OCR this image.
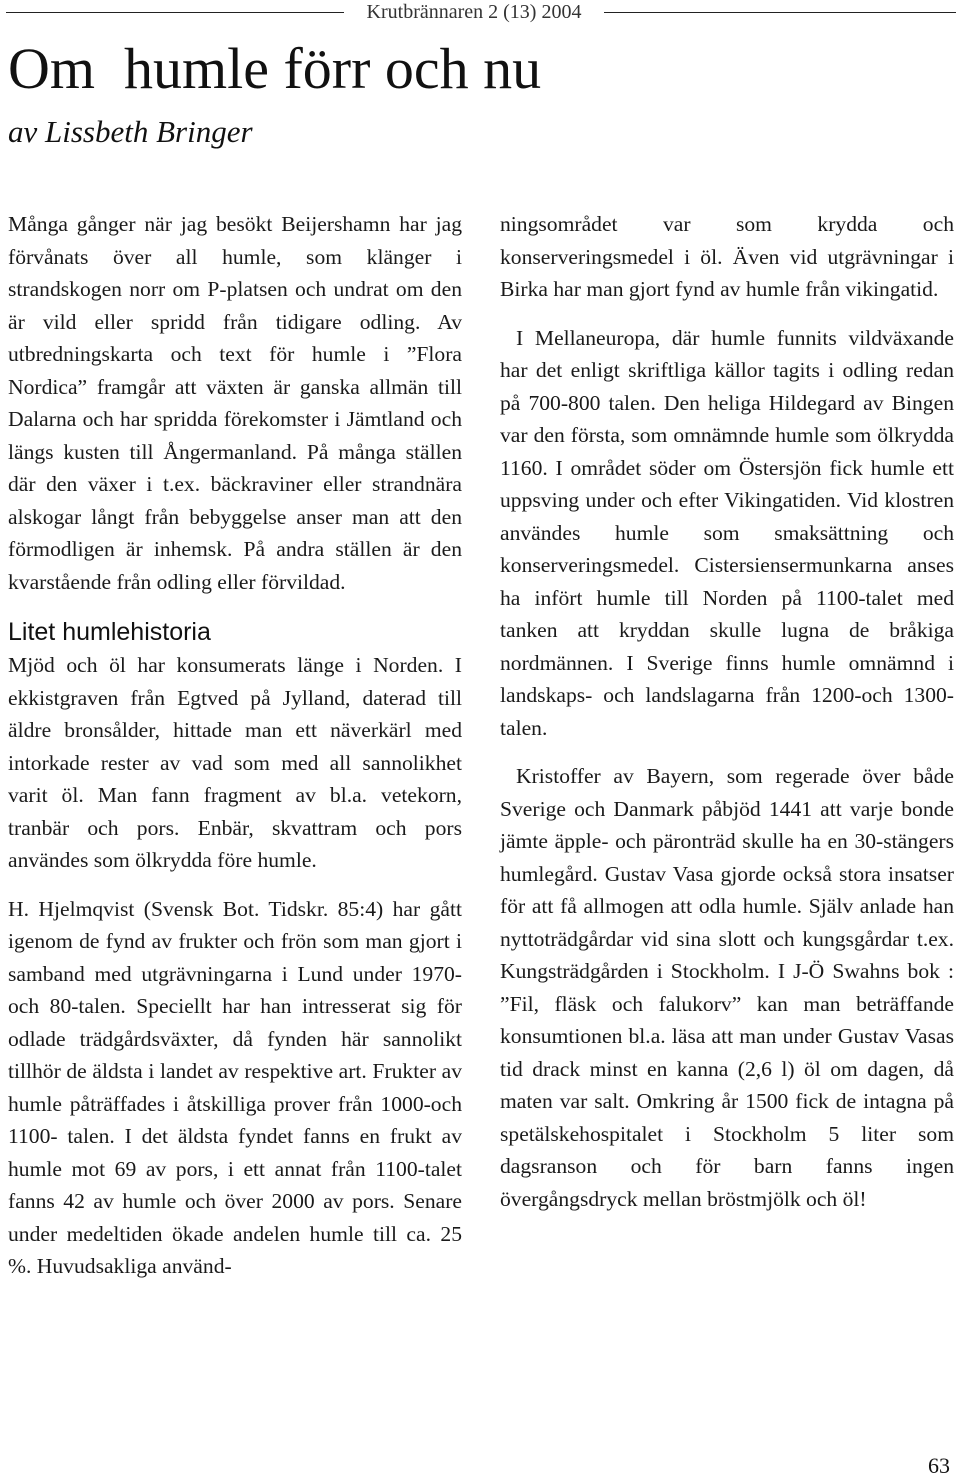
Krutbrännaren 2 (13) 2004
Om  humle förr och nu
av Lissbeth Bringer

Många gånger när jag besökt Beijershamn har jag förvånats över all humle, som klänger i strandskogen norr om P-platsen och undrat om den är vild eller spridd från tidigare odling. Av utbredningskarta och text för humle i ”Flora Nordica” framgår att växten är ganska allmän till Dalarna och har spridda förekomster i Jämtland och längs kusten till Ångermanland. På många ställen där den växer i t.ex. bäckraviner eller strandnära alskogar långt från bebyggelse anser man att den förmodligen är inhemsk. På andra ställen är den kvarstående från odling eller förvildad.

Litet humlehistoria

Mjöd och öl har konsumerats länge i Norden. I ekkistgraven från Egtved på Jylland, daterad till äldre bronsålder, hittade man ett näverkärl med intorkade rester av vad som med all sannolikhet varit öl. Man fann fragment av bl.a. vetekorn, tranbär och pors. Enbär, skvattram och pors användes som ölkrydda före humle.

H. Hjelmqvist (Svensk Bot. Tidskr. 85:4) har gått igenom de fynd av frukter och frön som man gjort i samband med utgrävningarna i Lund under 1970- och 80-talen. Speciellt har han intresserat sig för odlade trädgårdsväxter, då fynden här sannolikt tillhör de äldsta i landet av respektive art. Frukter av humle påträffades i åtskilliga prover från 1000-och 1100- talen. I det äldsta fyndet fanns en frukt av humle mot 69 av pors, i ett annat från 1100-talet fanns 42 av humle och över 2000 av pors. Senare under medeltiden ökade andelen humle till ca. 25 %. Huvudsakliga använd-

ningsområdet var som krydda och konserveringsmedel i öl. Även vid utgrävningar i Birka har man gjort fynd av humle från vikingatid.

I Mellaneuropa, där humle funnits vildväxande har det enligt skriftliga källor tagits i odling redan på 700-800 talen. Den heliga Hildegard av Bingen var den första, som omnämnde humle som ölkrydda 1160. I området söder om Östersjön fick humle ett uppsving under och efter Vikingatiden. Vid klostren användes humle som smaksättning och konserveringsmedel. Cistersiensermunkarna anses ha infört humle till Norden på 1100-talet med tanken att kryddan skulle lugna de bråkiga nordmännen. I Sverige finns humle omnämnd i landskaps- och landslagarna från 1200-och 1300-talen.

Kristoffer av Bayern, som regerade över både Sverige och Danmark påbjöd 1441 att varje bonde jämte äpple- och päronträd skulle ha en 30-stängers humlegård. Gustav Vasa gjorde också stora insatser för att få allmogen att odla humle. Själv anlade han nyttoträdgårdar vid sina slott och kungsgårdar t.ex. Kungsträdgården i Stockholm. I J-Ö Swahns bok : ”Fil, fläsk och falukorv” kan man beträffande konsumtionen bl.a. läsa att man under Gustav Vasas tid drack minst en kanna (2,6 l) öl om dagen, då maten var salt. Omkring år 1500 fick de intagna på spetälskehospitalet i Stockholm 5 liter som dagsranson och för barn fanns ingen övergångsdryck mellan bröstmjölk och öl!

63
